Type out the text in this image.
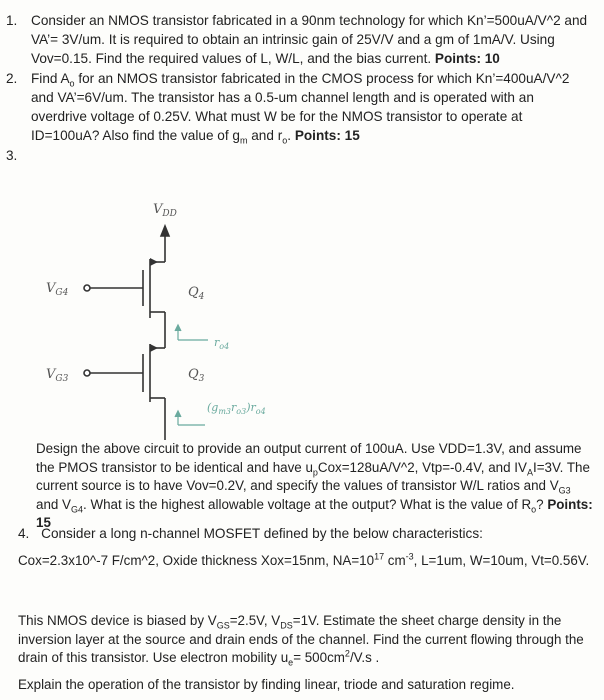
1. Consider an NMOS transistor fabricated in a 90nm technology for which Kn’=500uA/V^2 and VA’= 3V/um. It is required to obtain an intrinsic gain of 25V/V and a gm of 1mA/V. Using Vov=0.15. Find the required values of L, W/L, and the bias current. Points: 10
2. Find $A_o$ for an NMOS transistor fabricated in the CMOS process for which Kn’=400uA/V^2 and VA’=6V/um. The transistor has a 0.5-um channel length and is operated with an overdrive voltage of 0.25V. What must W be for the NMOS transistor to operate at ID=100uA? Also find the value of $g_m$ and $r_o$. Points: 15
3.
$V_{DD}$
$V_{G4}$
$V_{G3}$
$Q_4$
$Q_3$
$r_{o4}$
$(g_{m3}r_{o3})r_{o4}$
Design the above circuit to provide an output current of 100uA. Use VDD=1.3V, and assume the PMOS transistor to be identical and have $u_pCox=128uA/V\^{}2$, Vtp=-0.4V, and $IV_AI=3V$. The current source is to have Vov=0.2V, and specify the values of transistor W/L ratios and $V_{G3}$ and $V_{G4}$. What is the highest allowable voltage at the output? What is the value of $R_o$? Points: 15
4. Consider a long n-channel MOSFET defined by the below characteristics:
Cox=2.3x10^-7 F/cm^2, Oxide thickness Xox=15nm, $NA=10^{17}$ $cm^{-3}$, L=1um, W=10um, Vt=0.56V.
This NMOS device is biased by $V_{GS}=2.5V$, $V_{DS}=1V$. Estimate the sheet charge density in the inversion layer at the source and drain ends of the channel. Find the current flowing through the drain of this transistor. Use electron mobility $u_e= 500cm^2/V.s$ .
Explain the operation of the transistor by finding linear, triode and saturation regime.
